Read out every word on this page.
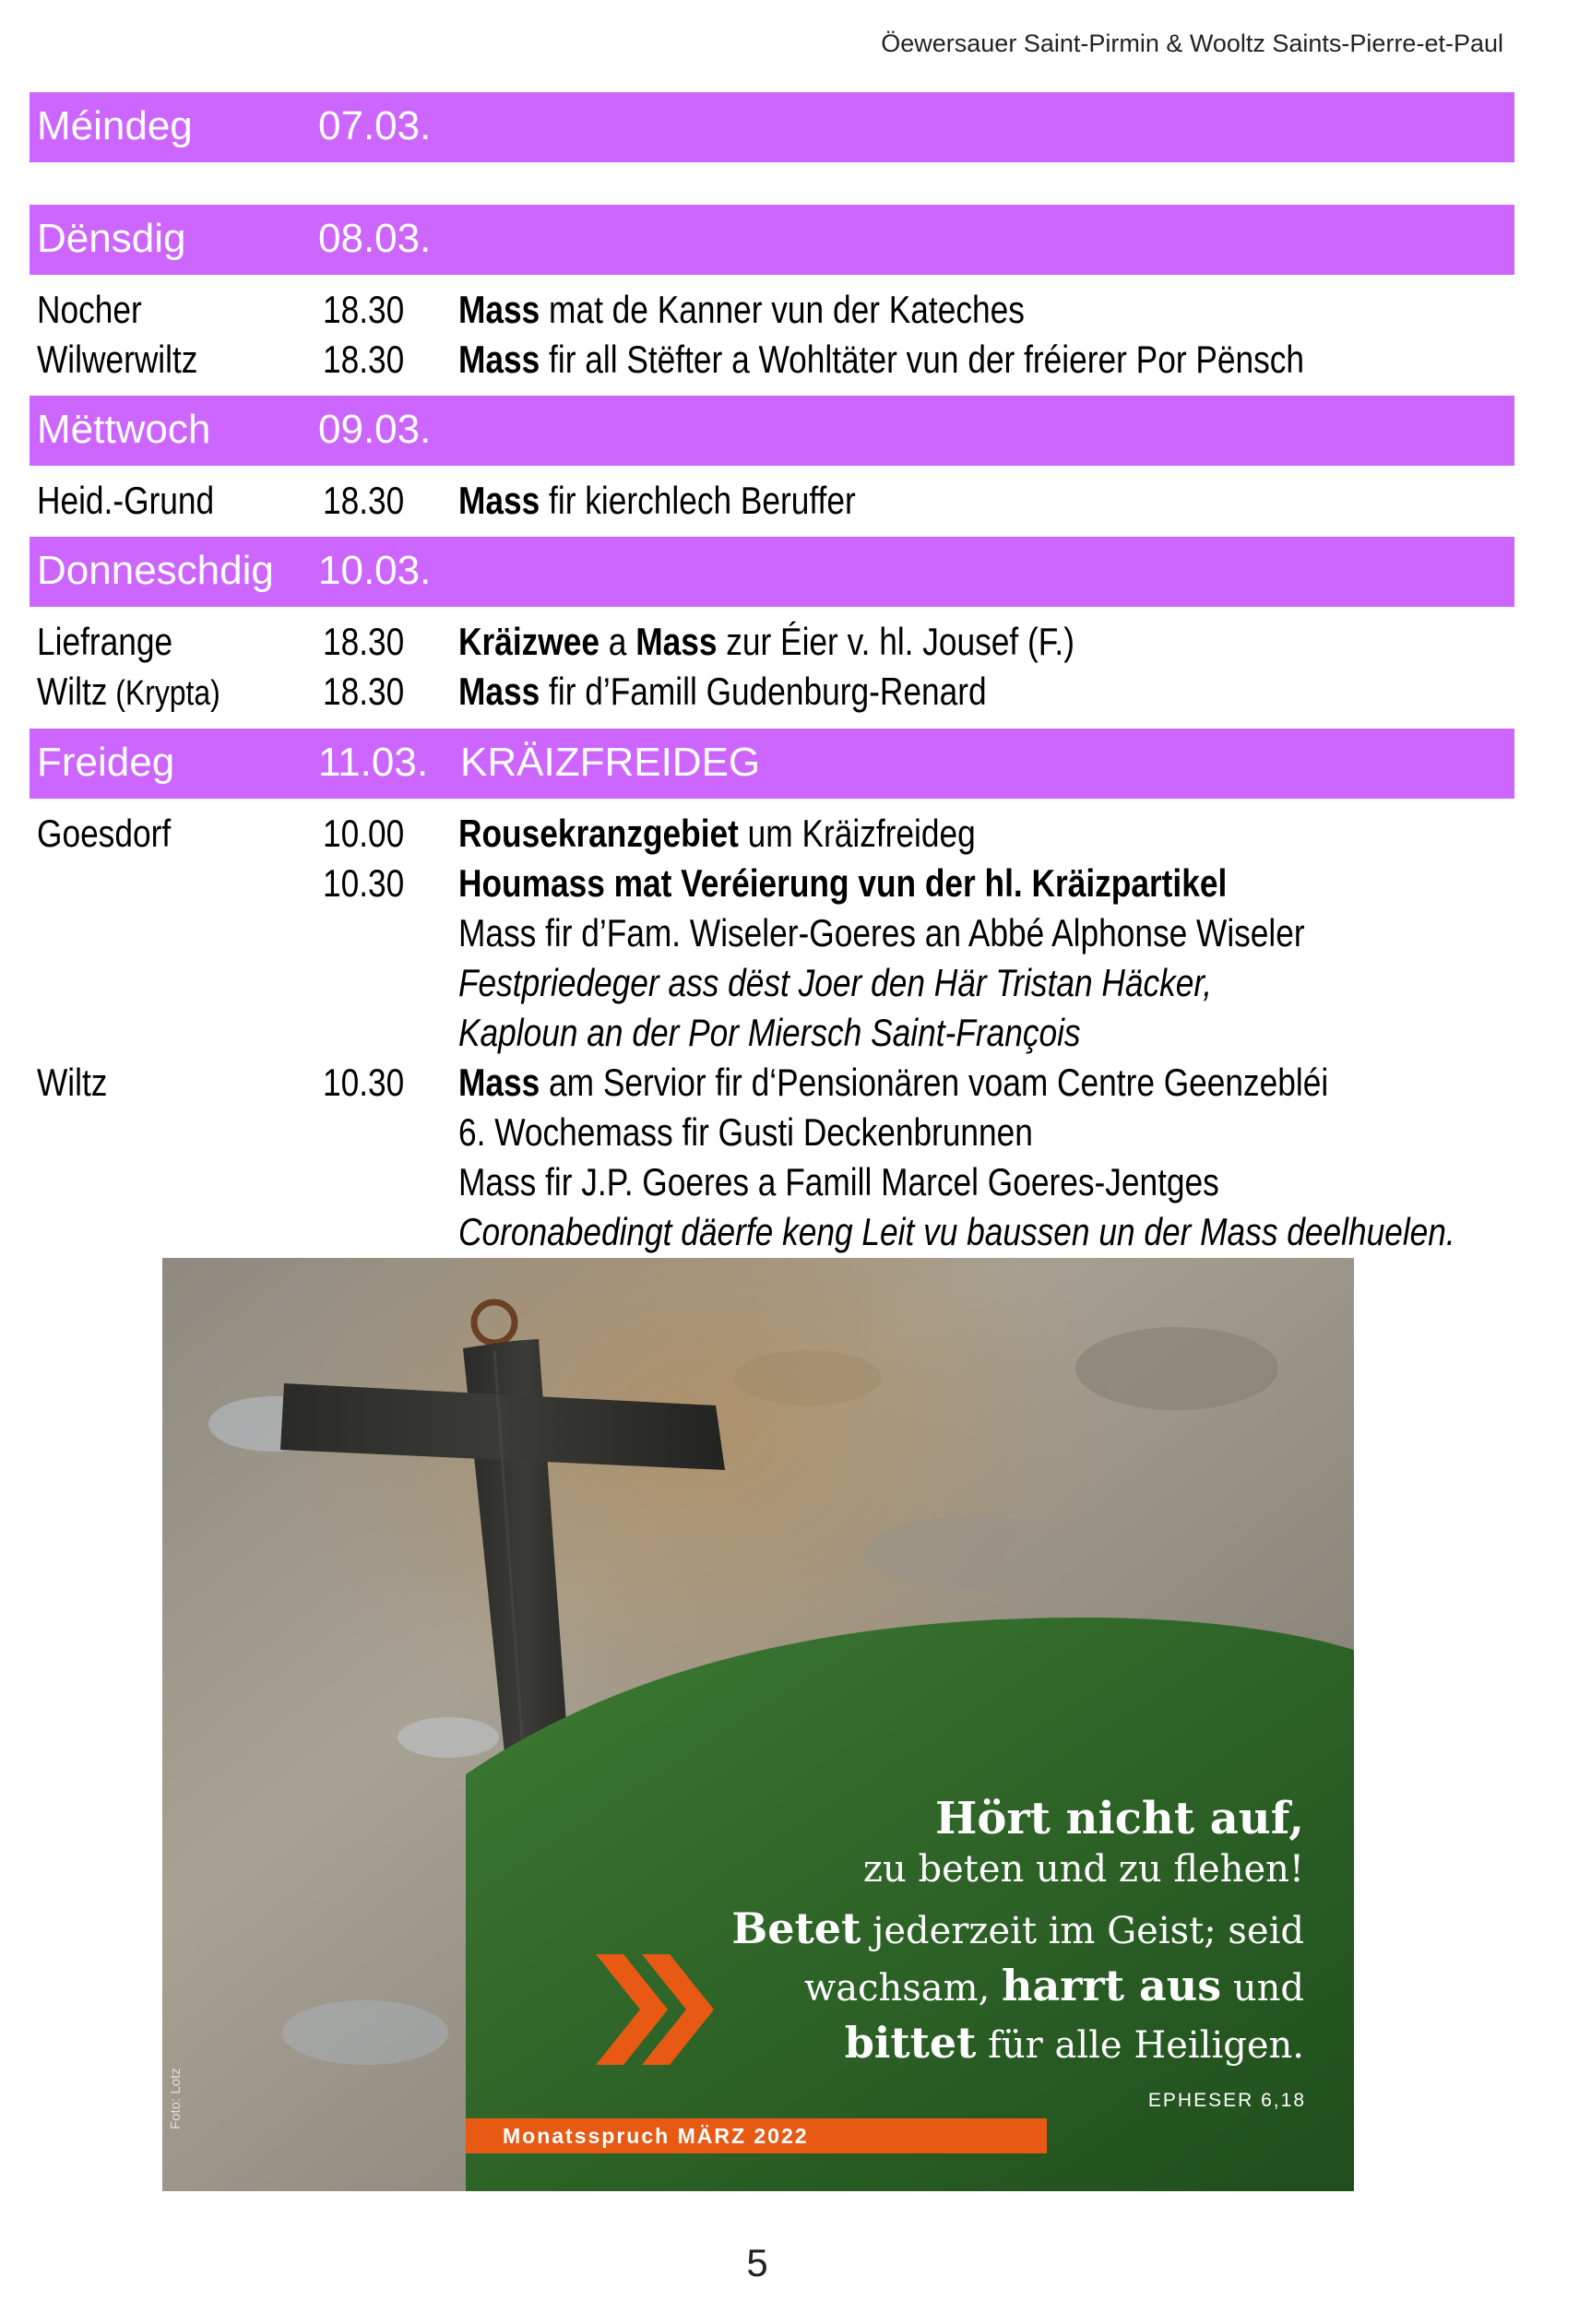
Öewersauer Saint-Pirmin & Wooltz Saints-Pierre-et-Paul
Méindeg	07.03.
Dënsdig	08.03.
Nocher	18.30	Mass mat de Kanner vun der Kateches
Wilwerwiltz	18.30	Mass fir all Stëfter a Wohltäter vun der fréierer Por Pënsch
Mëttwoch	09.03.
Heid.-Grund	18.30	Mass fir kierchlech Beruffer
Donneschdig 10.03.
Liefrange	18.30	Kräizwee a Mass zur Éier v. hl. Jousef (F.)
Wiltz (Krypta)	18.30	Mass fir d’Famill Gudenburg-Renard
Freideg	11.03. KRÄIZFREIDEG
Goesdorf	10.00	Rousekranzgebiet um Kräizfreideg
10.30	Houmass mat Veréierung vun der hl. Kräizpartikel
Mass fir d’Fam. Wiseler-Goeres an Abbé Alphonse Wiseler
Festpriedeger ass dëst Joer den Här Tristan Häcker,
Kaploun an der Por Miersch Saint-François
Wiltz	10.30	Mass am Servior fir d‘Pensionären voam Centre Geenzebléi
6. Wochemass fir Gusti Deckenbrunnen
Mass fir J.P. Goeres a Famill Marcel Goeres-Jentges
Coronabedingt däerfe keng Leit vu baussen un der Mass deelhuelen.
Hört nicht auf,
zu beten und zu flehen!
Betet jederzeit im Geist; seid
wachsam, harrt aus und
bittet für alle Heiligen.
EPHESER 6,18
Monatsspruch MÄRZ 2022
Foto: Lotz
5
